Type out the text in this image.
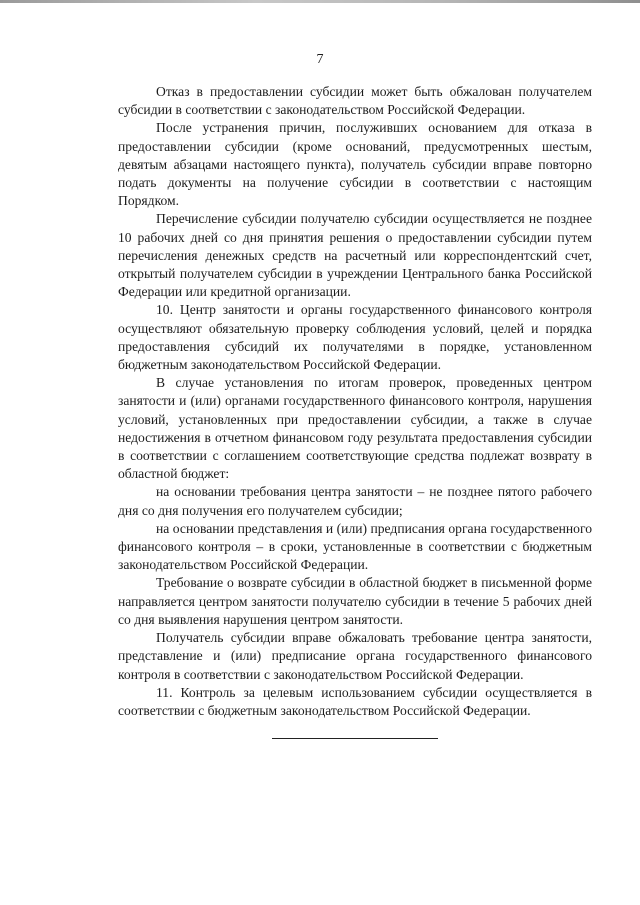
7

Отказ в предоставлении субсидии может быть обжалован получателем субсидии в соответствии с законодательством Российской Федерации.

После устранения причин, послуживших основанием для отказа в предоставлении субсидии (кроме оснований, предусмотренных шестым, девятым абзацами настоящего пункта), получатель субсидии вправе повторно подать документы на получение субсидии в соответствии с настоящим Порядком.

Перечисление субсидии получателю субсидии осуществляется не позднее 10 рабочих дней со дня принятия решения о предоставлении субсидии путем перечисления денежных средств на расчетный или корреспондентский счет, открытый получателем субсидии в учреждении Центрального банка Российской Федерации или кредитной организации.

10. Центр занятости и органы государственного финансового контроля осуществляют обязательную проверку соблюдения условий, целей и порядка предоставления субсидий их получателями в порядке, установленном бюджетным законодательством Российской Федерации.

В случае установления по итогам проверок, проведенных центром занятости и (или) органами государственного финансового контроля, нарушения условий, установленных при предоставлении субсидии, а также в случае недостижения в отчетном финансовом году результата предоставления субсидии в соответствии с соглашением соответствующие средства подлежат возврату в областной бюджет:

на основании требования центра занятости – не позднее пятого рабочего дня со дня получения его получателем субсидии;

на основании представления и (или) предписания органа государственного финансового контроля – в сроки, установленные в соответствии с бюджетным законодательством Российской Федерации.

Требование о возврате субсидии в областной бюджет в письменной форме направляется центром занятости получателю субсидии в течение 5 рабочих дней со дня выявления нарушения центром занятости.

Получатель субсидии вправе обжаловать требование центра занятости, представление и (или) предписание органа государственного финансового контроля в соответствии с законодательством Российской Федерации.

11. Контроль за целевым использованием субсидии осуществляется в соответствии с бюджетным законодательством Российской Федерации.
